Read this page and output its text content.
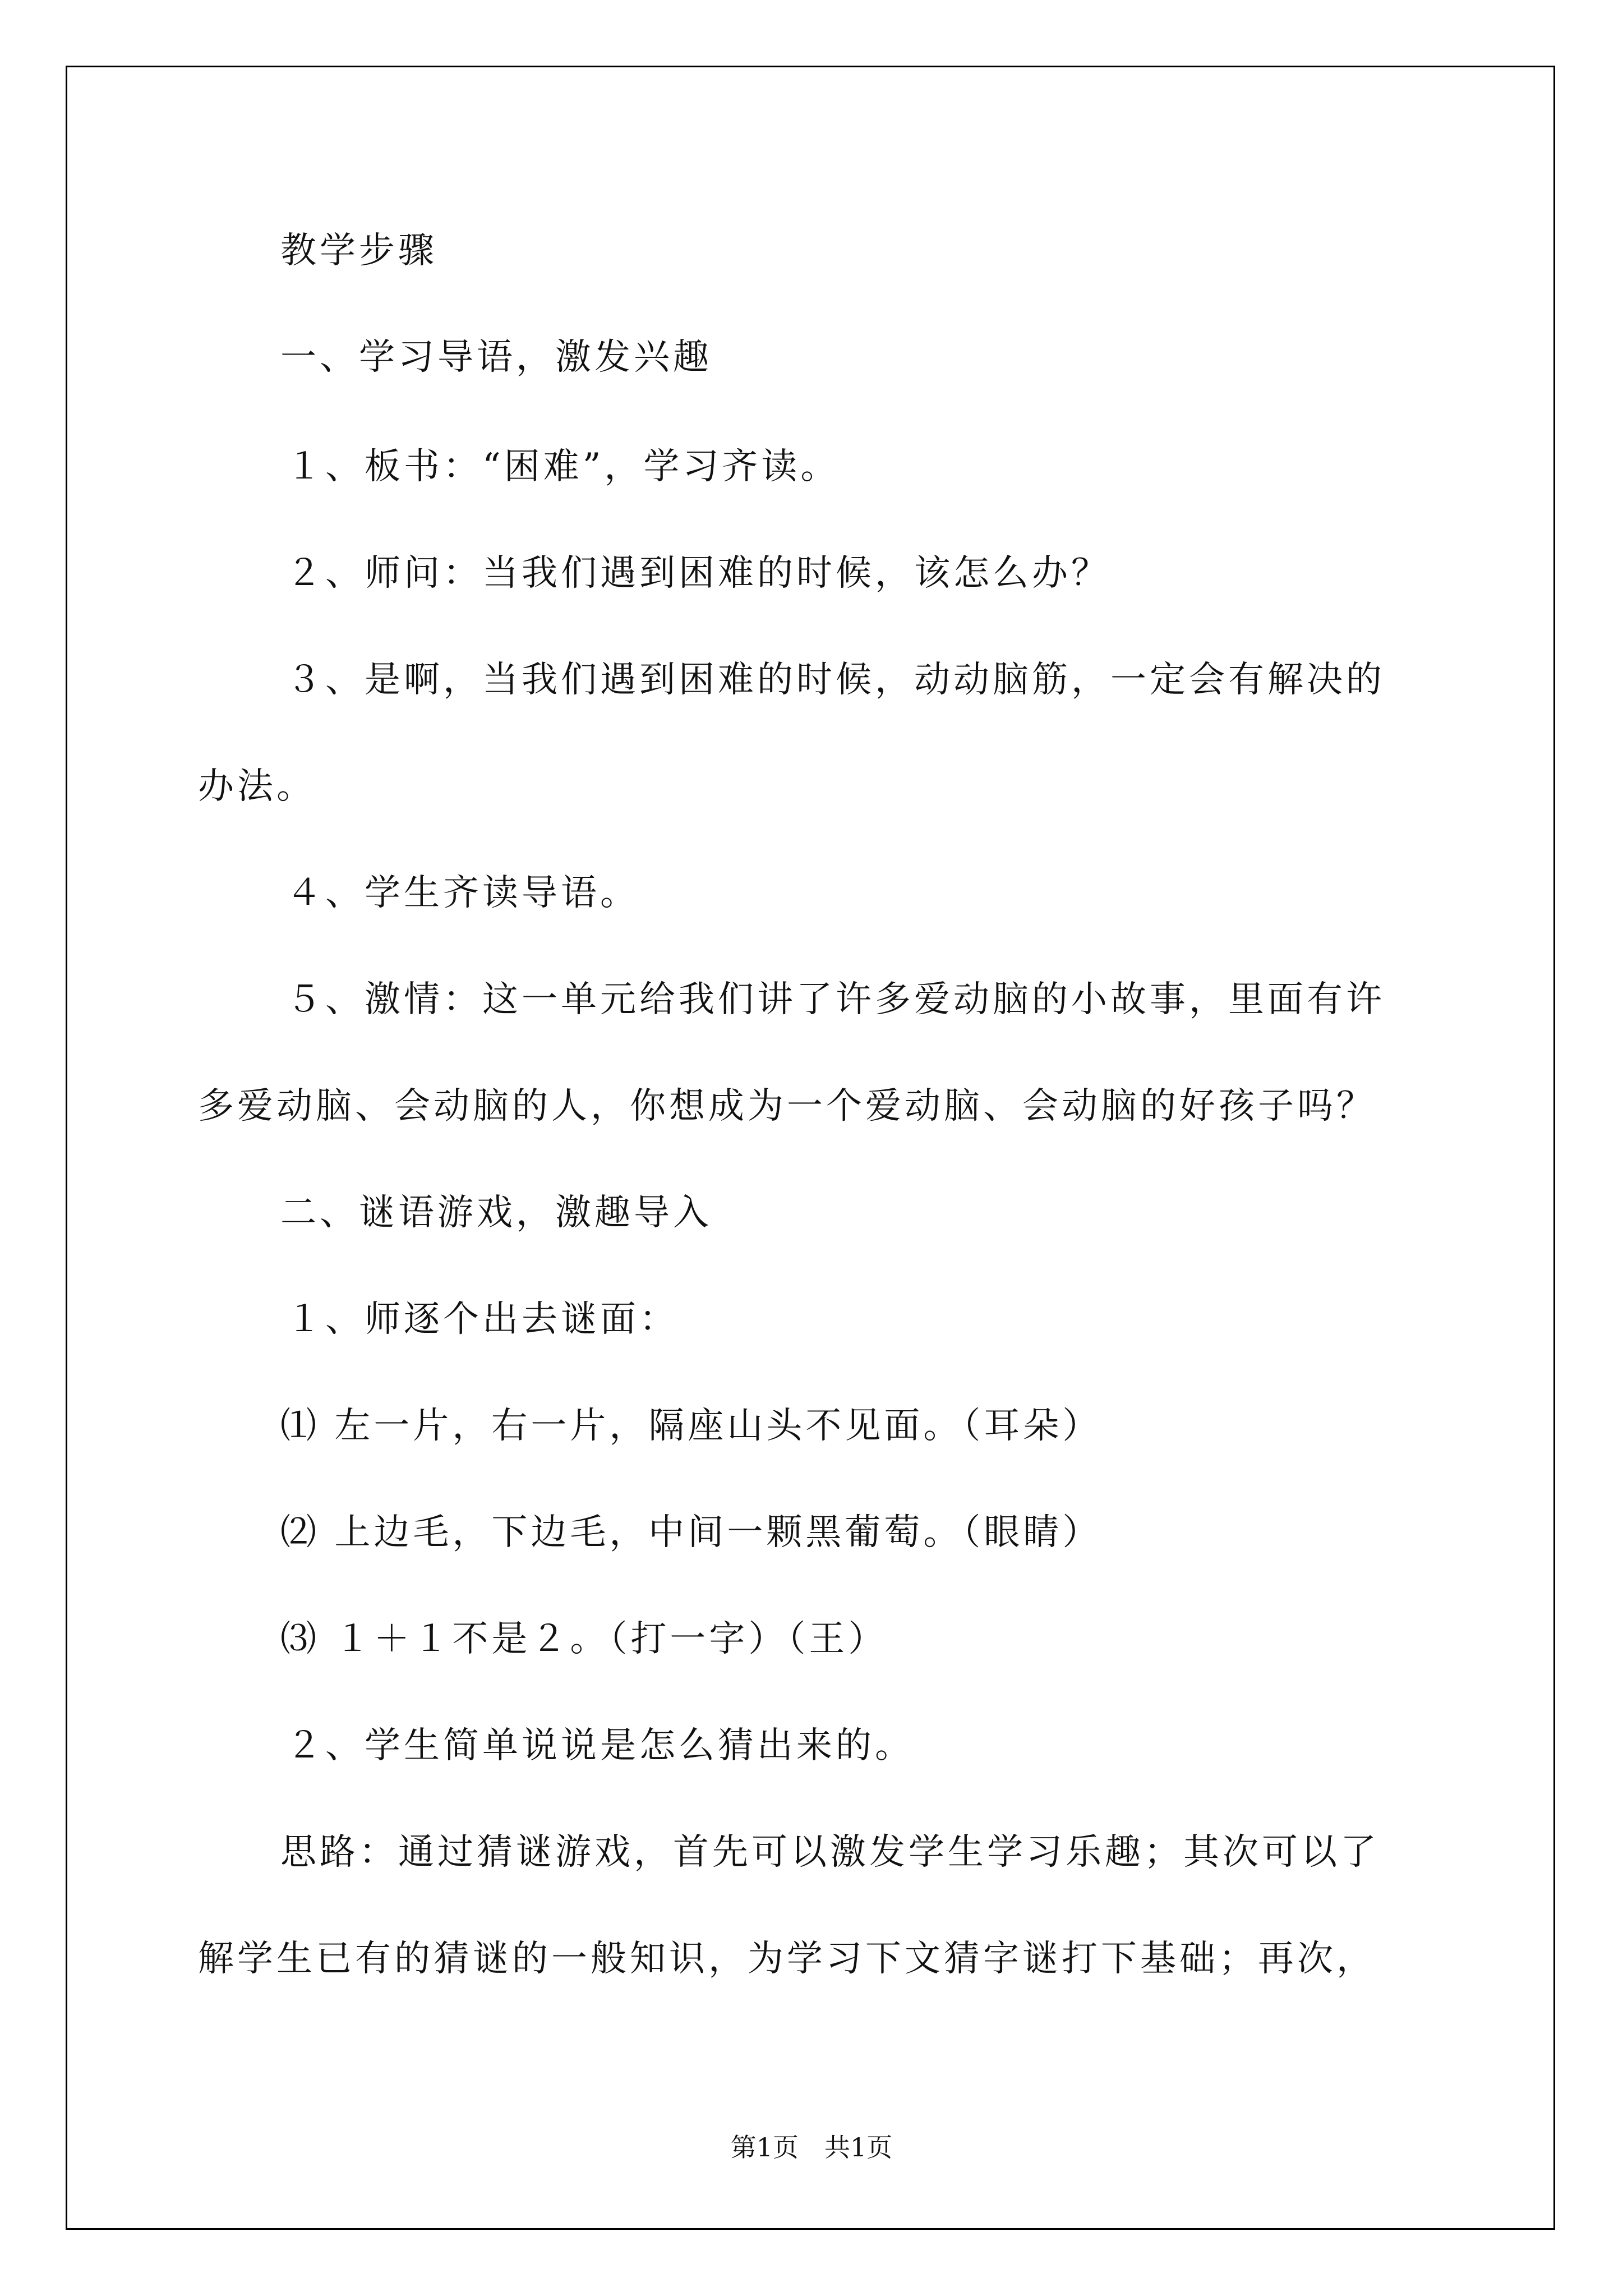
教学步骤

一、学习导语，激发兴趣

１、板书：“困难”，学习齐读。

２、师问：当我们遇到困难的时候，该怎么办？

３、是啊，当我们遇到困难的时候，动动脑筋，一定会有解决的

办法。

４、学生齐读导语。

５、激情：这一单元给我们讲了许多爱动脑的小故事，里面有许

多爱动脑、会动脑的人，你想成为一个爱动脑、会动脑的好孩子吗？

二、谜语游戏，激趣导入

１、师逐个出去谜面：

⑴ 左一片，右一片，隔座山头不见面。（耳朵）

⑵ 上边毛，下边毛，中间一颗黑葡萄。（眼睛）

⑶ １＋１不是２。（打一字）（王）

２、学生简单说说是怎么猜出来的。

思路：通过猜谜游戏，首先可以激发学生学习乐趣；其次可以了

解学生已有的猜谜的一般知识，为学习下文猜字谜打下基础；再次，

第1页　共1页
